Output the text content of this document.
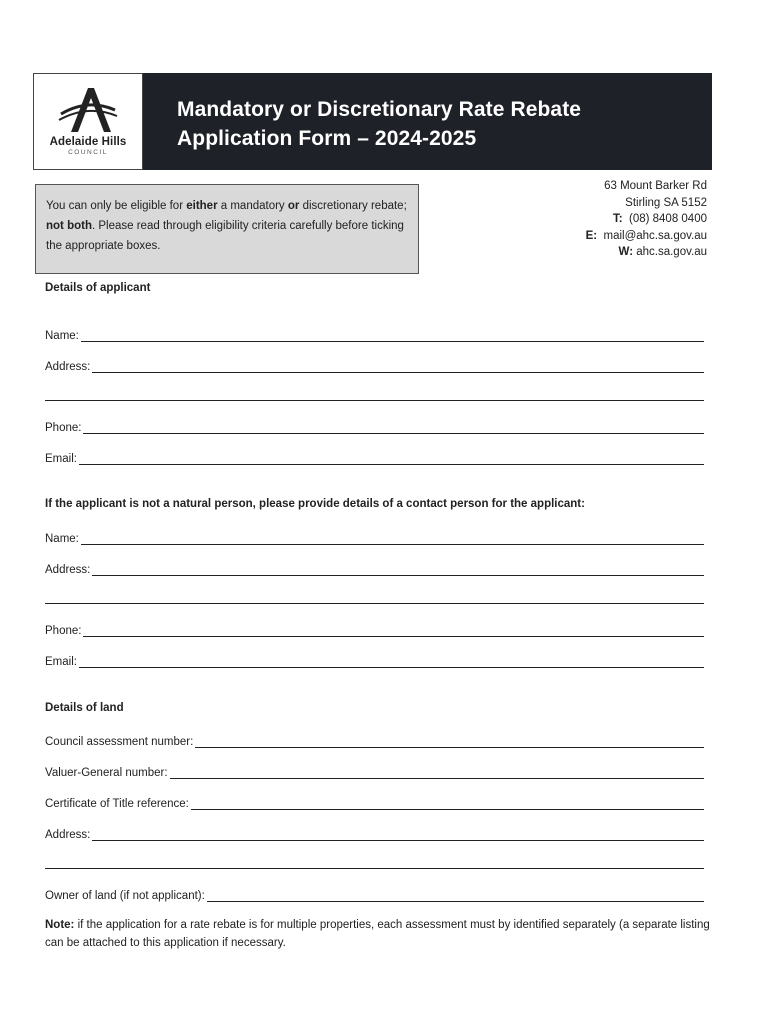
Adelaide Hills
COUNCIL
Mandatory or Discretionary Rate Rebate
Application Form – 2024-2025
You can only be eligible for either a mandatory or discretionary rebate; not both. Please read through eligibility criteria carefully before ticking the appropriate boxes.
63 Mount Barker Rd
Stirling SA 5152
T: (08) 8408 0400
E: mail@ahc.sa.gov.au
W: ahc.sa.gov.au
Details of applicant
Name:
Address:
Phone:
Email:
If the applicant is not a natural person, please provide details of a contact person for the applicant:
Name:
Address:
Phone:
Email:
Details of land
Council assessment number:
Valuer-General number:
Certificate of Title reference:
Address:
Owner of land (if not applicant):
Note: if the application for a rate rebate is for multiple properties, each assessment must by identified separately (a separate listing can be attached to this application if necessary.
